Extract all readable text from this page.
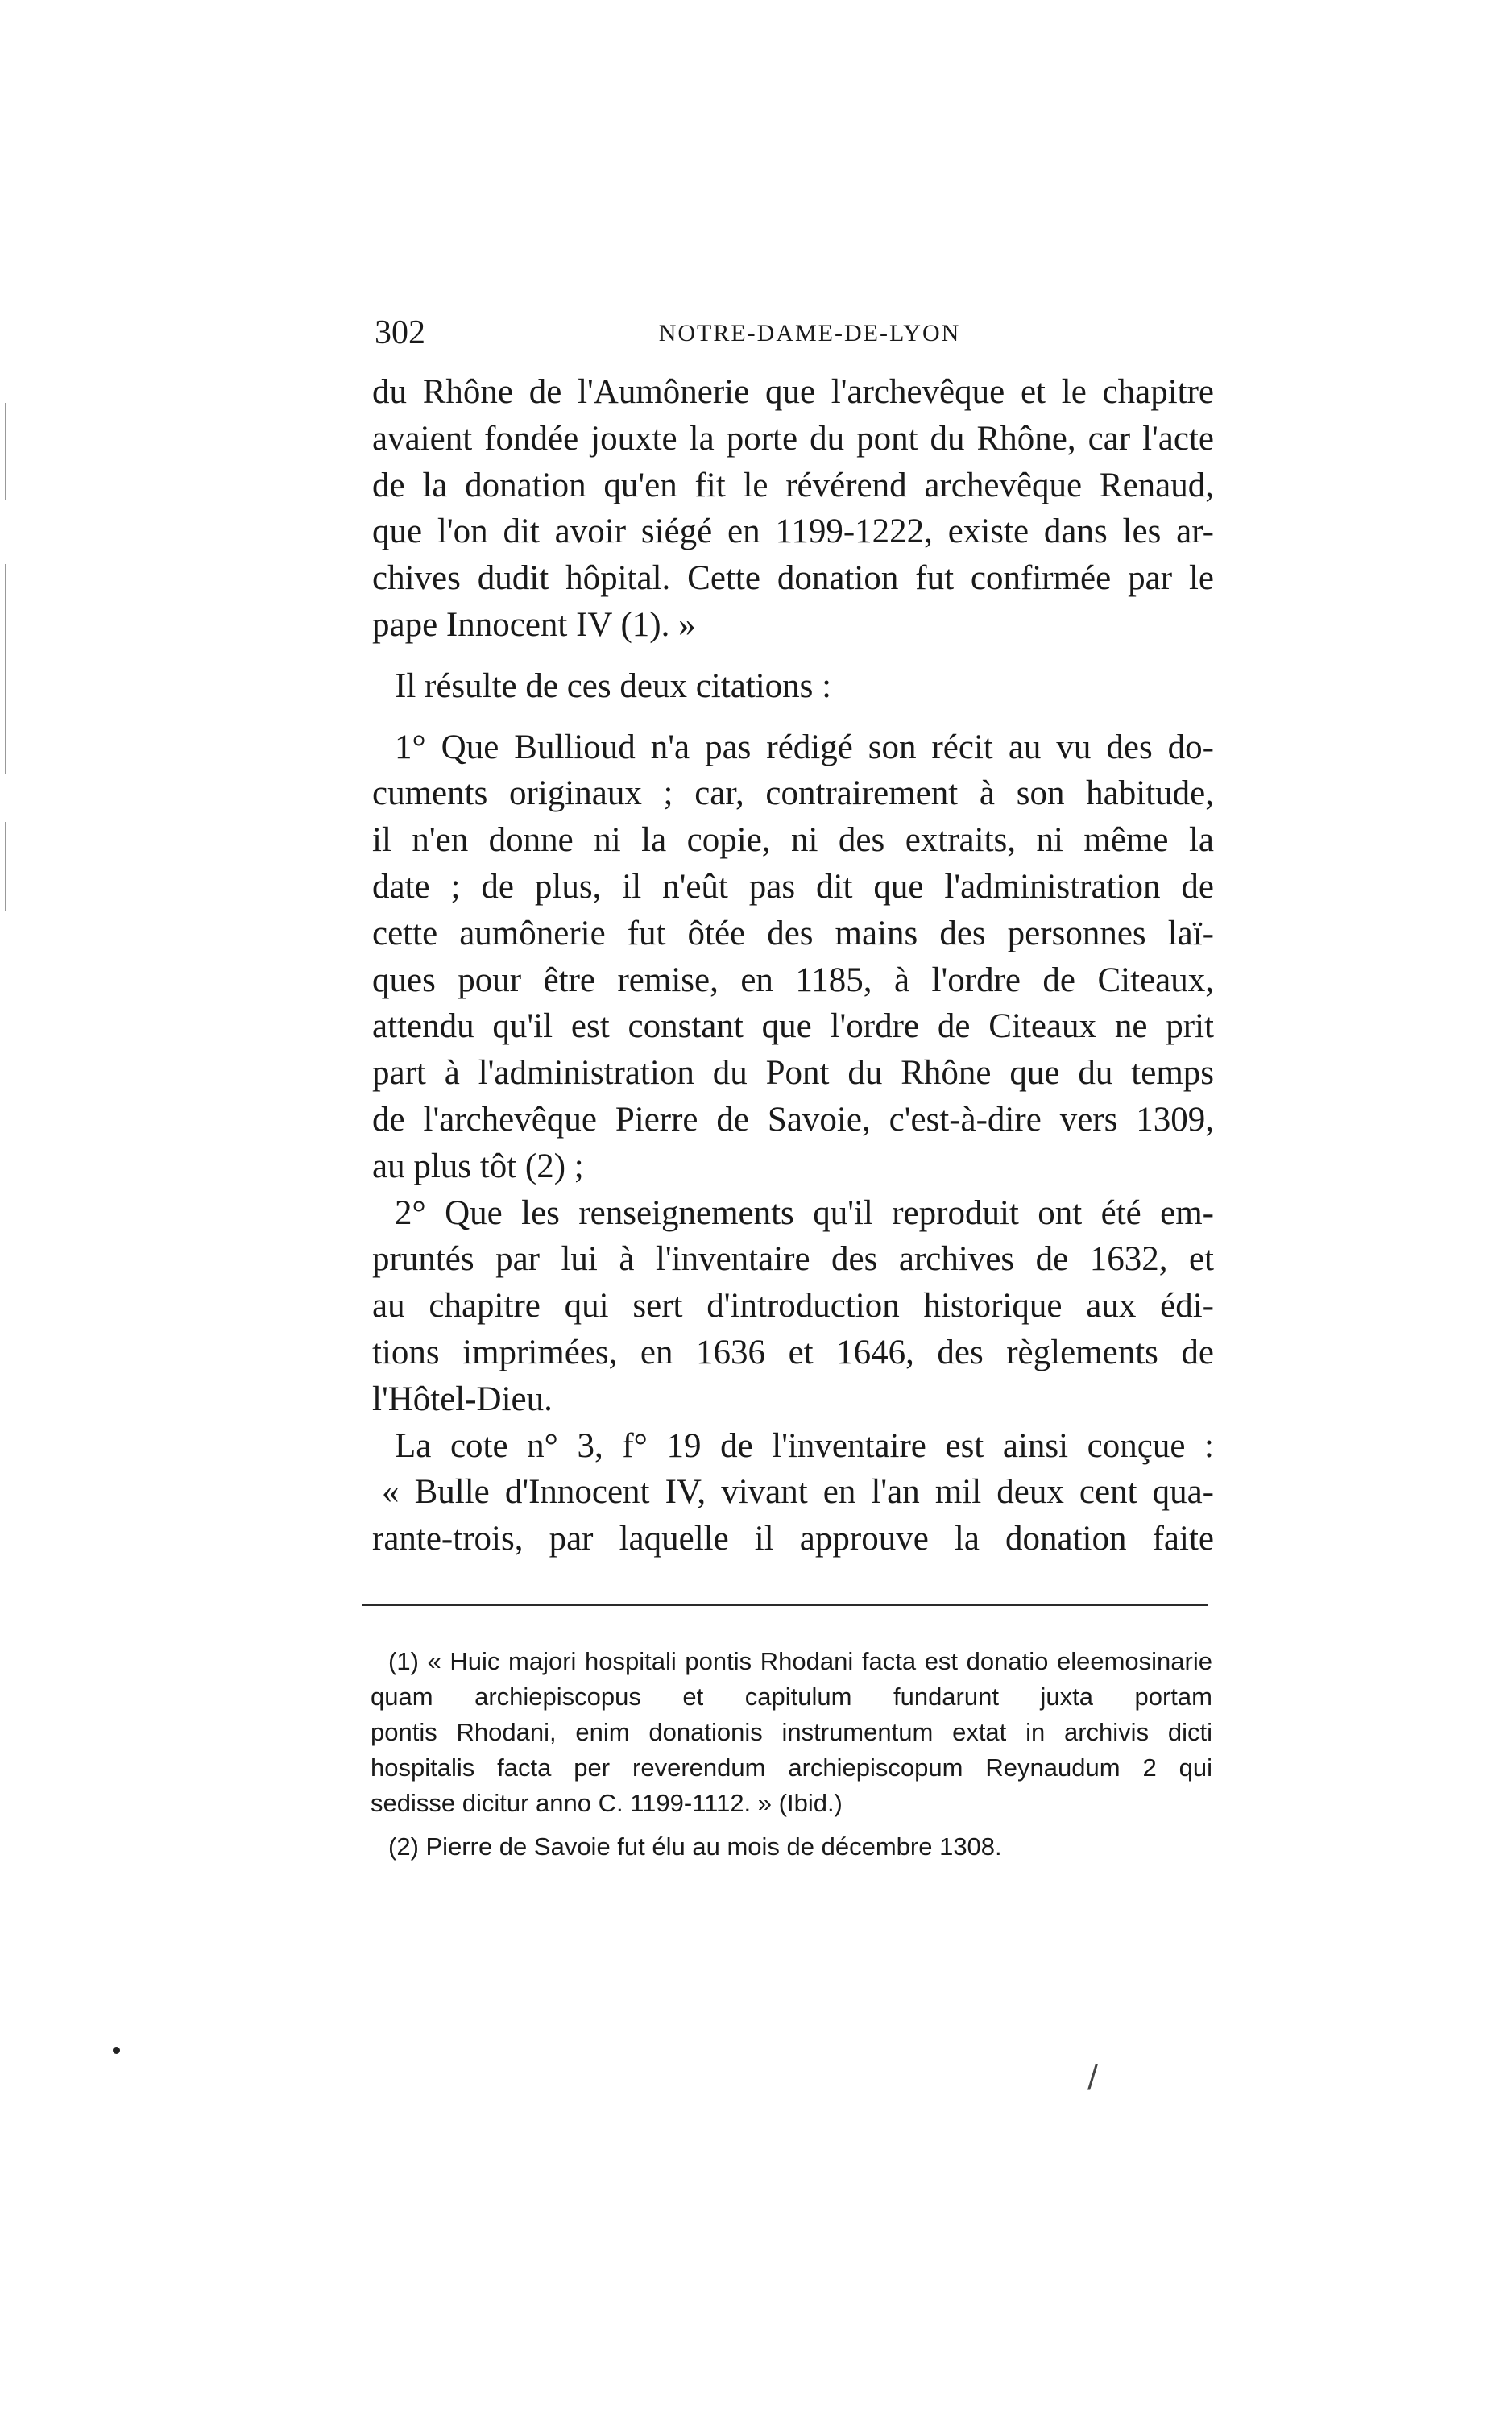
302	NOTRE-DAME-DE-LYON

du Rhône de l'Aumônerie que l'archevêque et le chapitre
avaient fondée jouxte la porte du pont du Rhône, car l'acte
de la donation qu'en fit le révérend archevêque Renaud,
que l'on dit avoir siégé en 1199-1222, existe dans les ar-
chives dudit hôpital. Cette donation fut confirmée par le
pape Innocent IV (1). »

Il résulte de ces deux citations :

1° Que Bullioud n'a pas rédigé son récit au vu des do-
cuments originaux ; car, contrairement à son habitude,
il n'en donne ni la copie, ni des extraits, ni même la
date ; de plus, il n'eût pas dit que l'administration de
cette aumônerie fut ôtée des mains des personnes laï-
ques pour être remise, en 1185, à l'ordre de Citeaux,
attendu qu'il est constant que l'ordre de Citeaux ne prit
part à l'administration du Pont du Rhône que du temps
de l'archevêque Pierre de Savoie, c'est-à-dire vers 1309,
au plus tôt (2) ;

2° Que les renseignements qu'il reproduit ont été em-
pruntés par lui à l'inventaire des archives de 1632, et
au chapitre qui sert d'introduction historique aux édi-
tions imprimées, en 1636 et 1646, des règlements de
l'Hôtel-Dieu.

La cote n° 3, f° 19 de l'inventaire est ainsi conçue :
« Bulle d'Innocent IV, vivant en l'an mil deux cent qua-
rante-trois, par laquelle il approuve la donation faite

(1) « Huic majori hospitali pontis Rhodani facta est donatio eleemosinarie
quam archiepiscopus et capitulum fundarunt juxta portam
pontis Rhodani, enim donationis instrumentum extat in archivis dicti
hospitalis facta per reverendum archiepiscopum Reynaudum 2 qui
sedisse dicitur anno C. 1199-1112. » (Ibid.)

(2) Pierre de Savoie fut élu au mois de décembre 1308.

/
